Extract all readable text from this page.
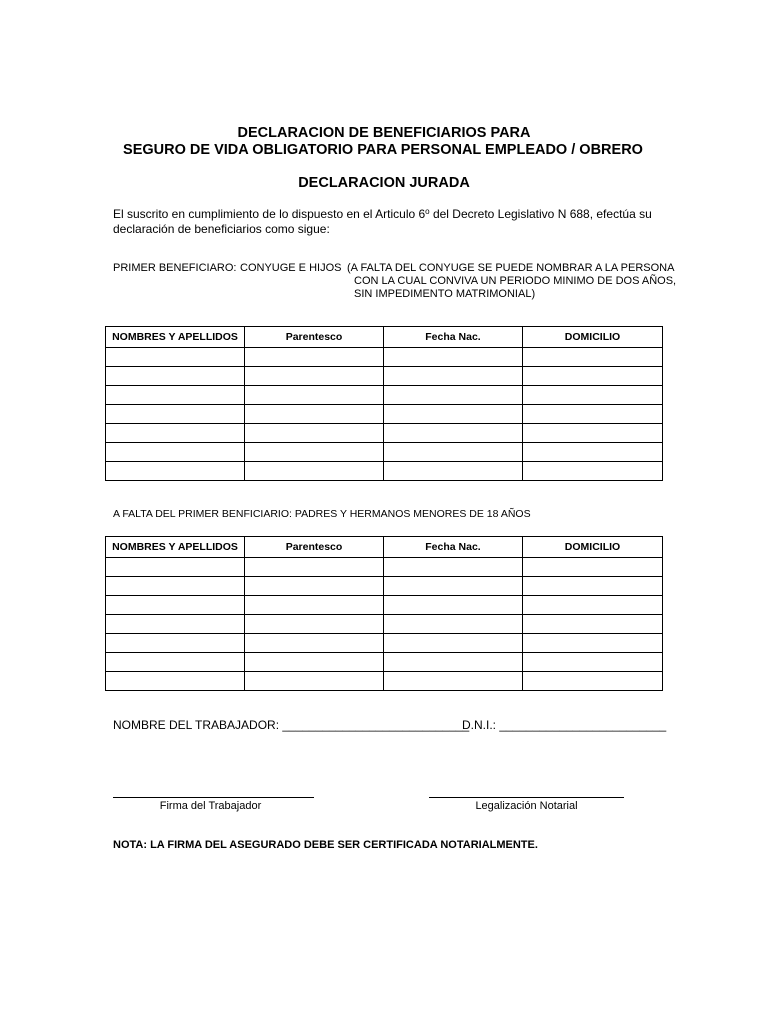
DECLARACION DE BENEFICIARIOS PARA
SEGURO DE VIDA OBLIGATORIO PARA PERSONAL EMPLEADO / OBRERO
DECLARACION JURADA
El suscrito en cumplimiento de lo dispuesto en el Articulo 6$^o$ del Decreto Legislativo N 688, efectúa su declaración de beneficiarios como sigue:
PRIMER BENEFICIARO: CONYUGE E HIJOS (A FALTA DEL CONYUGE SE PUEDE NOMBRAR A LA PERSONA
CON LA CUAL CONVIVA UN PERIODO MINIMO DE DOS AÑOS,
SIN IMPEDIMENTO MATRIMONIAL)
NOMBRES Y APELLIDOS	Parentesco	Fecha Nac.	DOMICILIO

A FALTA DEL PRIMER BENFICIARIO: PADRES Y HERMANOS MENORES DE 18 AÑOS
NOMBRES Y APELLIDOS	Parentesco	Fecha Nac.	DOMICILIO

NOMBRE DEL TRABAJADOR: ____________________________
D.N.I.: _________________________
Firma del Trabajador	Legalización Notarial
NOTA: LA FIRMA DEL ASEGURADO DEBE SER CERTIFICADA NOTARIALMENTE.
